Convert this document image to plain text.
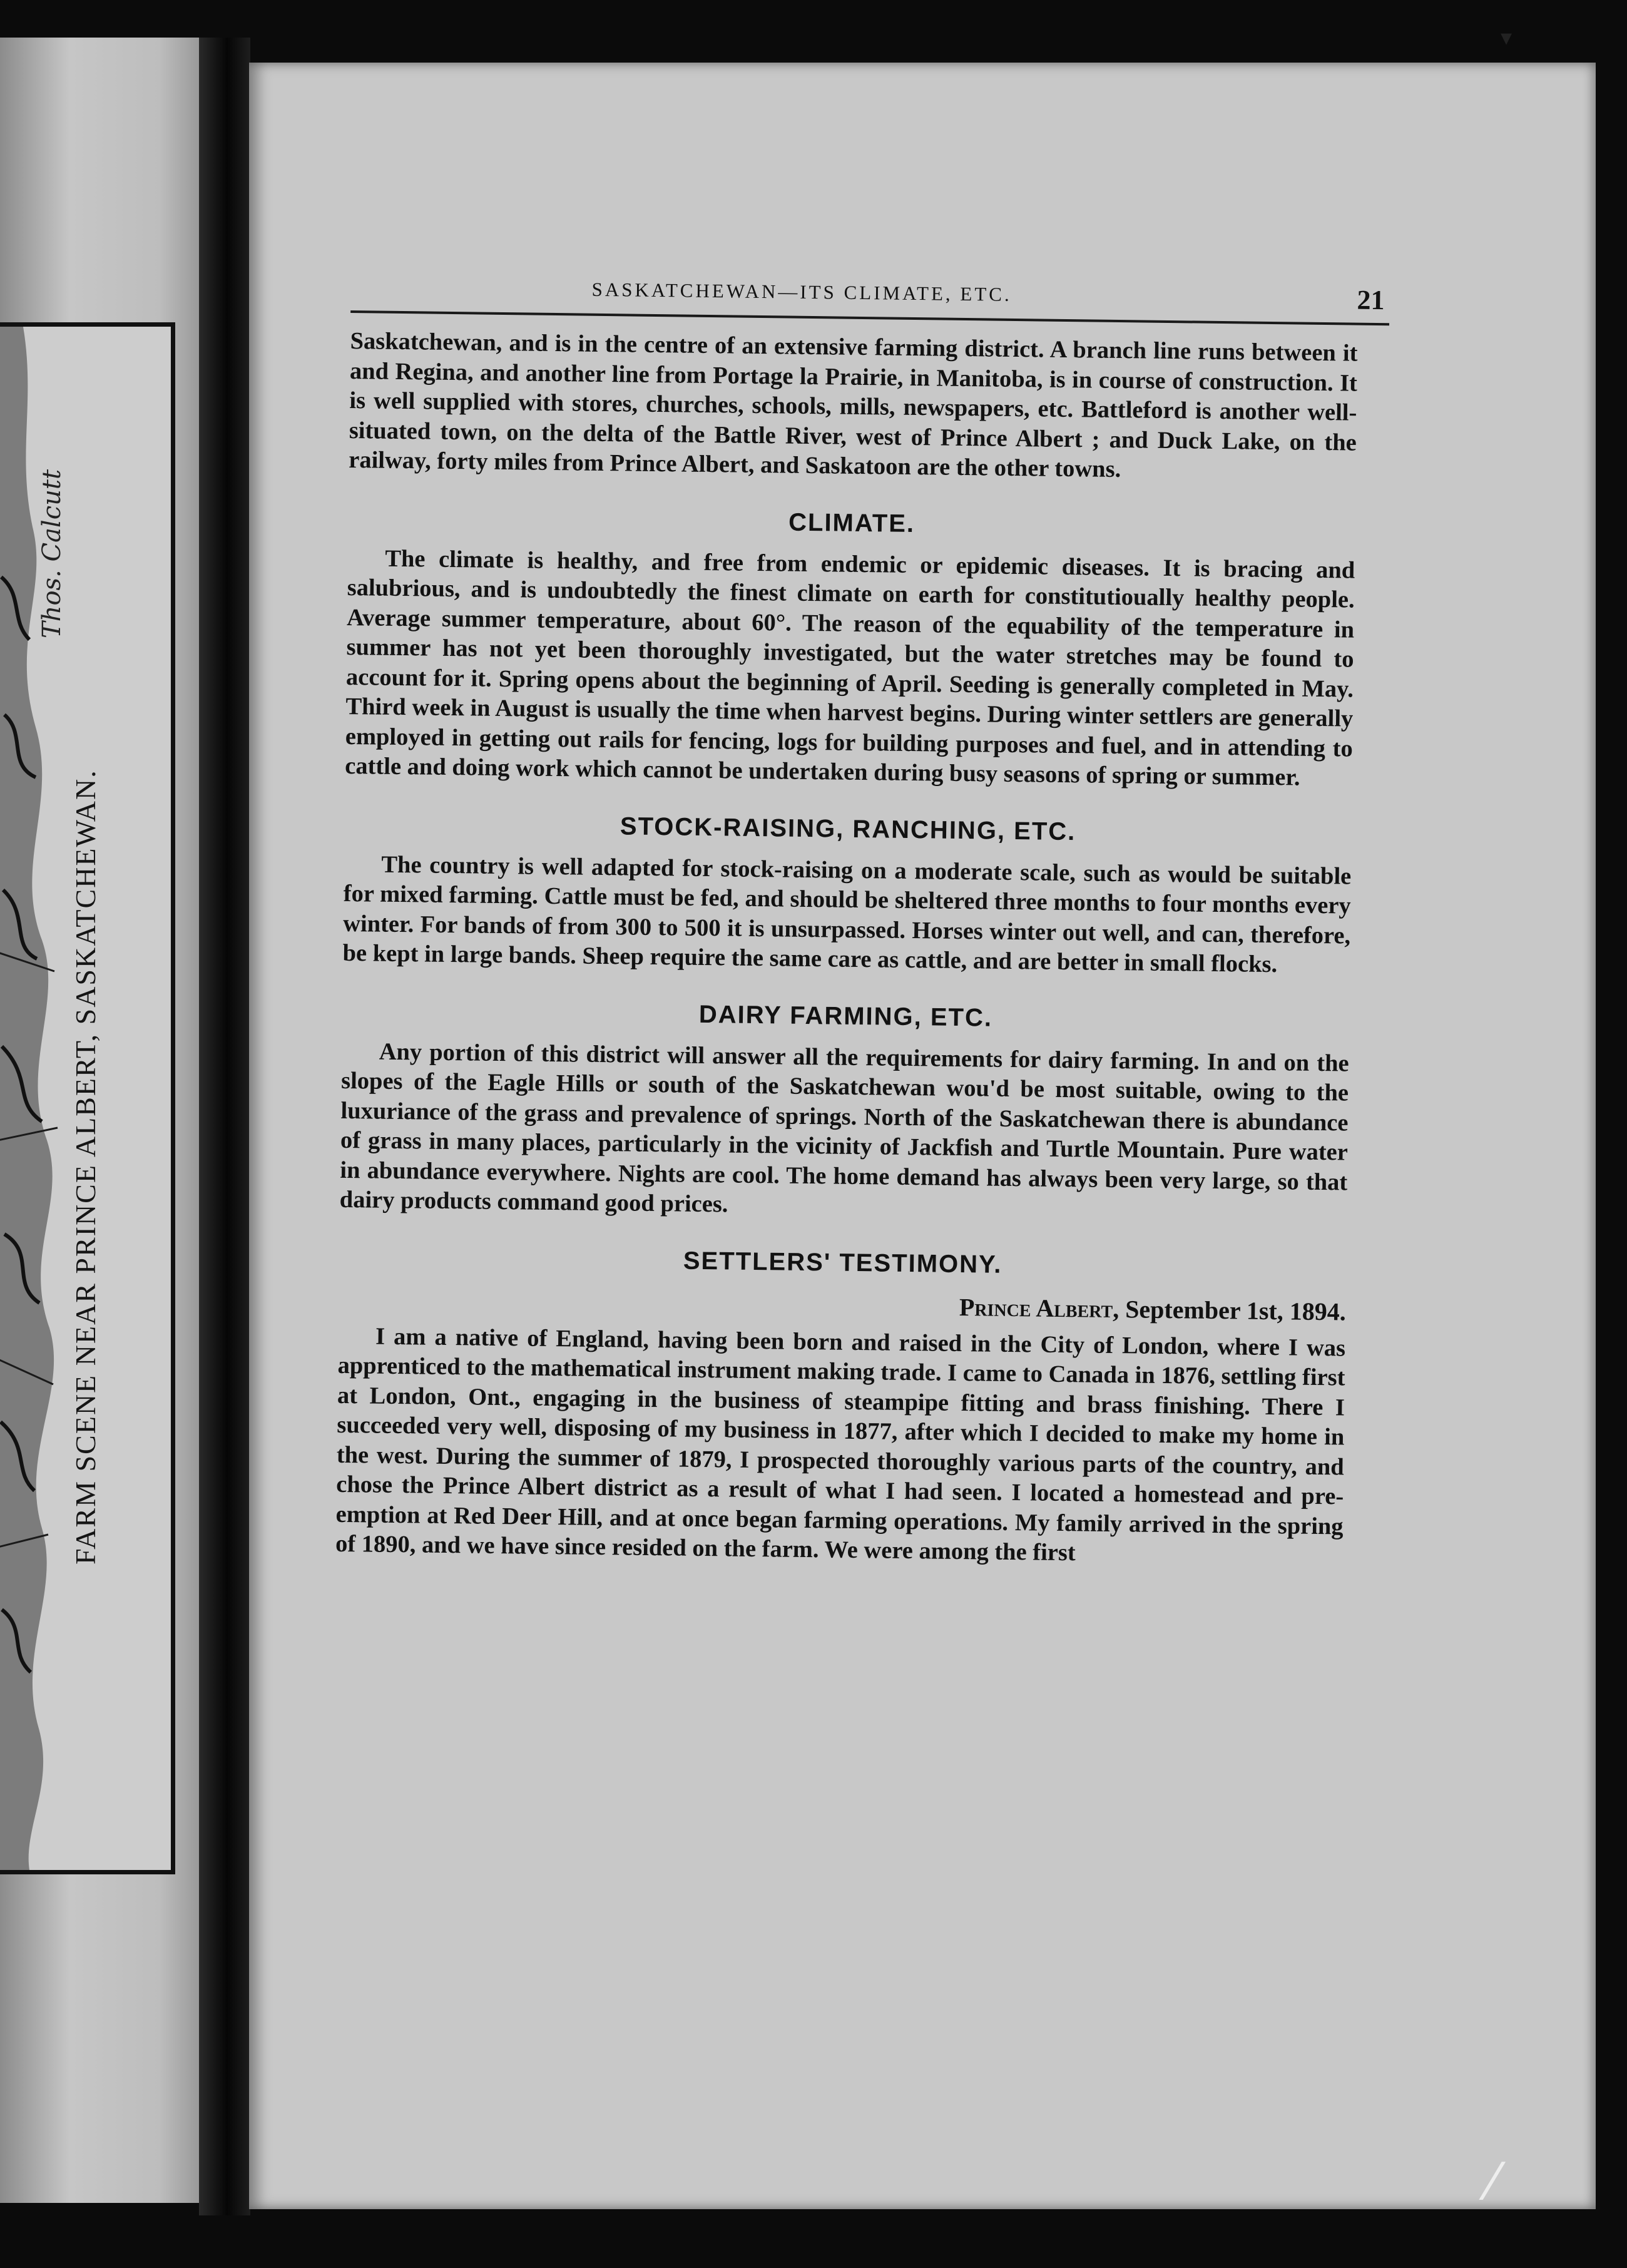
Thos. Calcutt
FARM SCENE NEAR PRINCE ALBERT, SASKATCHEWAN.
SASKATCHEWAN—ITS CLIMATE, ETC.	21

Saskatchewan, and is in the centre of an extensive farming district. A branch line runs between it and Regina, and another line from Portage la Prairie, in Manitoba, is in course of construction. It is well supplied with stores, churches, schools, mills, newspapers, etc. Battleford is another well-situated town, on the delta of the Battle River, west of Prince Albert ; and Duck Lake, on the railway, forty miles from Prince Albert, and Saskatoon are the other towns.

CLIMATE.

The climate is healthy, and free from endemic or epidemic diseases. It is bracing and salubrious, and is undoubtedly the finest climate on earth for constitutioually healthy people. Average summer temperature, about 60°. The reason of the equability of the temperature in summer has not yet been thoroughly investigated, but the water stretches may be found to account for it. Spring opens about the beginning of April. Seeding is generally completed in May. Third week in August is usually the time when harvest begins. During winter settlers are generally employed in getting out rails for fencing, logs for building purposes and fuel, and in attending to cattle and doing work which cannot be undertaken during busy seasons of spring or summer.

STOCK-RAISING, RANCHING, ETC.

The country is well adapted for stock-raising on a moderate scale, such as would be suitable for mixed farming. Cattle must be fed, and should be sheltered three months to four months every winter. For bands of from 300 to 500 it is unsurpassed. Horses winter out well, and can, therefore, be kept in large bands. Sheep require the same care as cattle, and are better in small flocks.

DAIRY FARMING, ETC.

Any portion of this district will answer all the requirements for dairy farming. In and on the slopes of the Eagle Hills or south of the Saskatchewan wou'd be most suitable, owing to the luxuriance of the grass and prevalence of springs. North of the Saskatchewan there is abundance of grass in many places, particularly in the vicinity of Jackfish and Turtle Mountain. Pure water in abundance everywhere. Nights are cool. The home demand has always been very large, so that dairy products command good prices.

SETTLERS' TESTIMONY.
Prince Albert, September 1st, 1894.

I am a native of England, having been born and raised in the City of London, where I was apprenticed to the mathematical instrument making trade. I came to Canada in 1876, settling first at London, Ont., engaging in the business of steampipe fitting and brass finishing. There I succeeded very well, disposing of my business in 1877, after which I decided to make my home in the west. During the summer of 1879, I prospected thoroughly various parts of the country, and chose the Prince Albert district as a result of what I had seen. I located a homestead and pre-emption at Red Deer Hill, and at once began farming operations. My family arrived in the spring of 1890, and we have since resided on the farm. We were among the first

▾
⁄
